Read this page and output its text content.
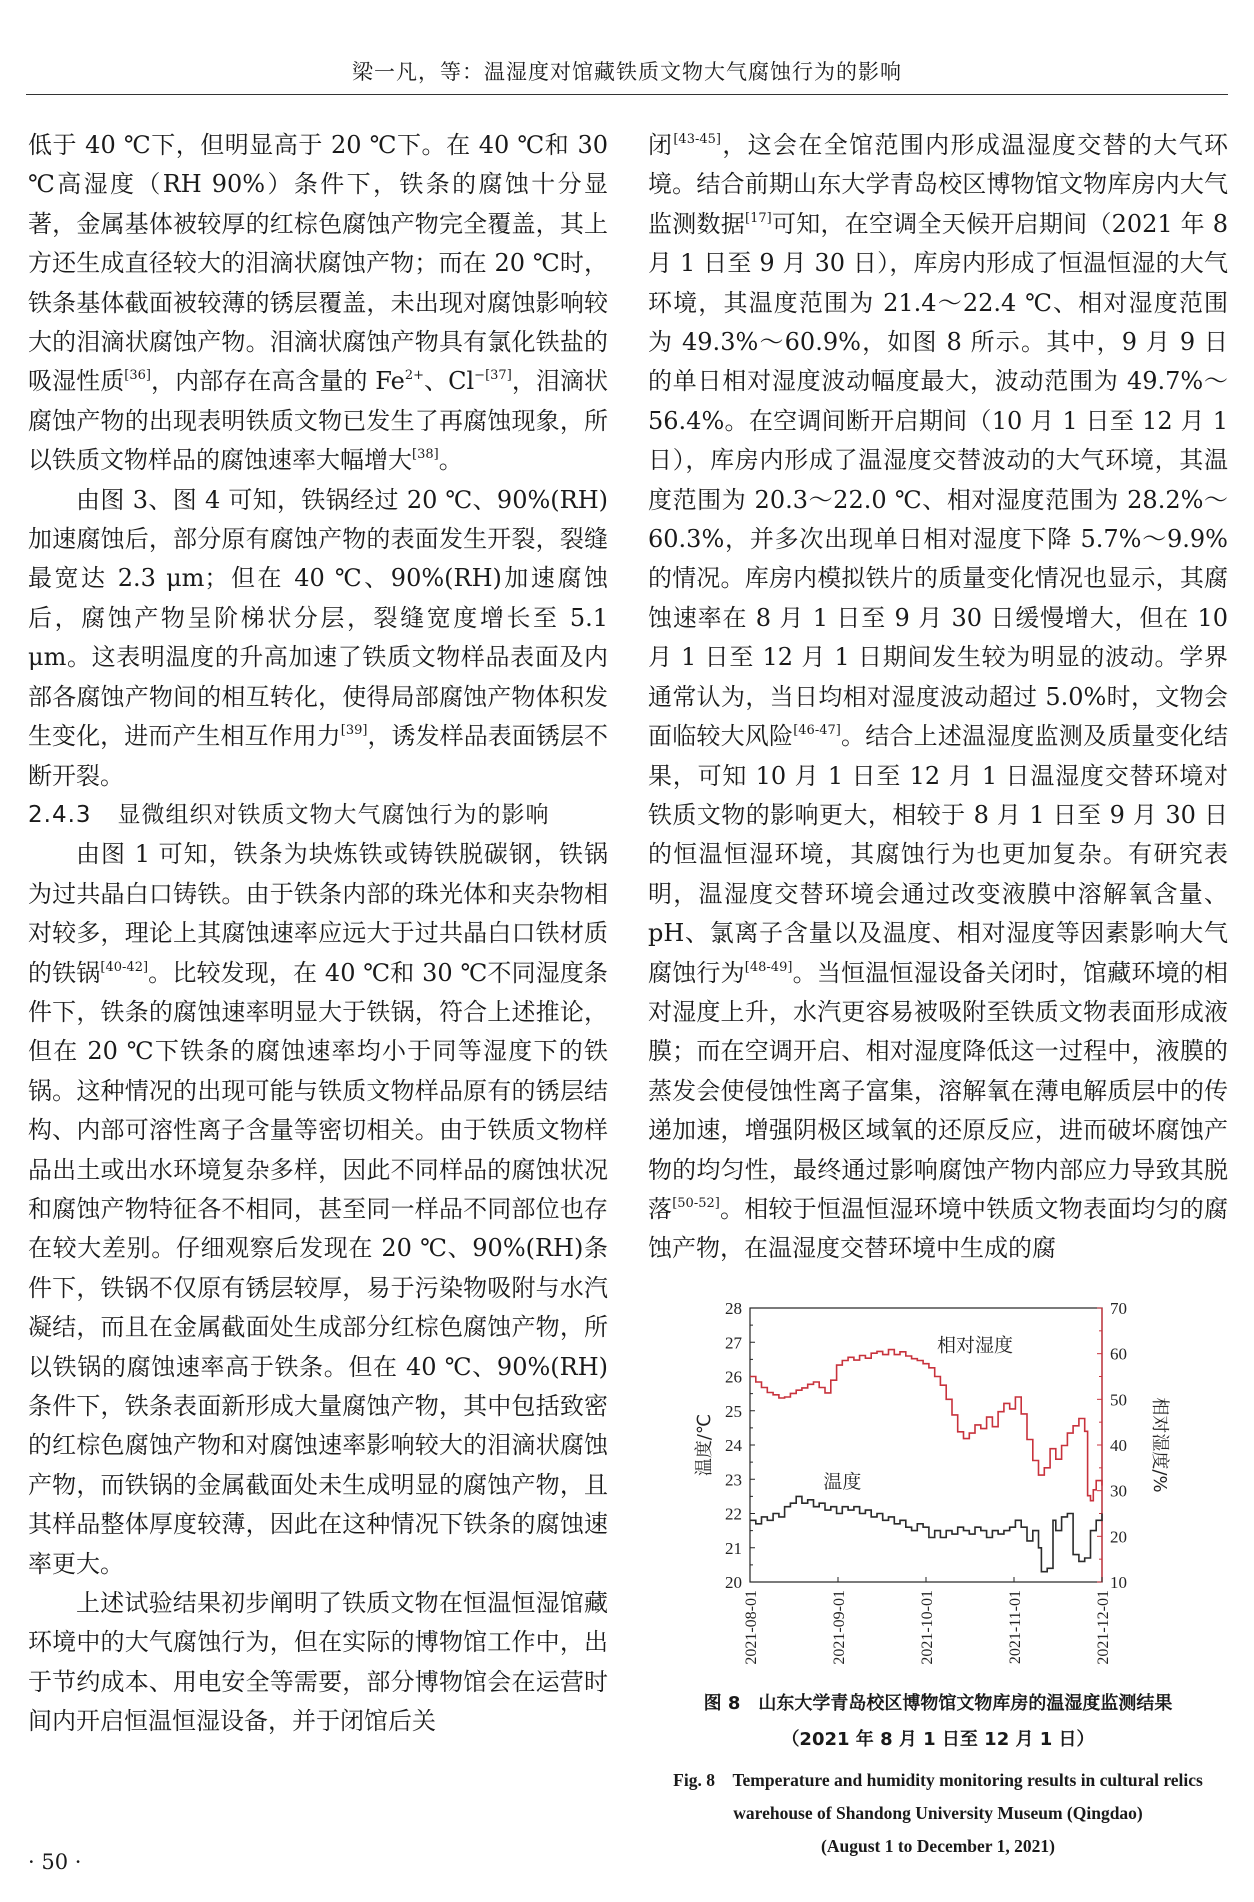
梁一凡，等：温湿度对馆藏铁质文物大气腐蚀行为的影响

低于 40 ℃下，但明显高于 20 ℃下。在 40 ℃和 30 ℃高湿度（RH 90%）条件下，铁条的腐蚀十分显著，金属基体被较厚的红棕色腐蚀产物完全覆盖，其上方还生成直径较大的泪滴状腐蚀产物；而在 20 ℃时，铁条基体截面被较薄的锈层覆盖，未出现对腐蚀影响较大的泪滴状腐蚀产物。泪滴状腐蚀产物具有氯化铁盐的吸湿性质[36]，内部存在高含量的 $Fe^{2+}$、$Cl^{-[37]}$，泪滴状腐蚀产物的出现表明铁质文物已发生了再腐蚀现象，所以铁质文物样品的腐蚀速率大幅增大[38]。

由图 3、图 4 可知，铁锅经过 20 ℃、90%(RH)加速腐蚀后，部分原有腐蚀产物的表面发生开裂，裂缝最宽达 2.3 μm；但在 40 ℃、90%(RH)加速腐蚀后，腐蚀产物呈阶梯状分层，裂缝宽度增长至 5.1 μm。这表明温度的升高加速了铁质文物样品表面及内部各腐蚀产物间的相互转化，使得局部腐蚀产物体积发生变化，进而产生相互作用力[39]，诱发样品表面锈层不断开裂。

2.4.3 显微组织对铁质文物大气腐蚀行为的影响

由图 1 可知，铁条为块炼铁或铸铁脱碳钢，铁锅为过共晶白口铸铁。由于铁条内部的珠光体和夹杂物相对较多，理论上其腐蚀速率应远大于过共晶白口铁材质的铁锅[40-42]。比较发现，在 40 ℃和 30 ℃不同湿度条件下，铁条的腐蚀速率明显大于铁锅，符合上述推论，但在 20 ℃下铁条的腐蚀速率均小于同等湿度下的铁锅。这种情况的出现可能与铁质文物样品原有的锈层结构、内部可溶性离子含量等密切相关。由于铁质文物样品出土或出水环境复杂多样，因此不同样品的腐蚀状况和腐蚀产物特征各不相同，甚至同一样品不同部位也存在较大差别。仔细观察后发现在 20 ℃、90%(RH)条件下，铁锅不仅原有锈层较厚，易于污染物吸附与水汽凝结，而且在金属截面处生成部分红棕色腐蚀产物，所以铁锅的腐蚀速率高于铁条。但在 40 ℃、90%(RH)条件下，铁条表面新形成大量腐蚀产物，其中包括致密的红棕色腐蚀产物和对腐蚀速率影响较大的泪滴状腐蚀产物，而铁锅的金属截面处未生成明显的腐蚀产物，且其样品整体厚度较薄，因此在这种情况下铁条的腐蚀速率更大。

上述试验结果初步阐明了铁质文物在恒温恒湿馆藏环境中的大气腐蚀行为，但在实际的博物馆工作中，出于节约成本、用电安全等需要，部分博物馆会在运营时间内开启恒温恒湿设备，并于闭馆后关

闭[43-45]，这会在全馆范围内形成温湿度交替的大气环境。结合前期山东大学青岛校区博物馆文物库房内大气监测数据[17]可知，在空调全天候开启期间（2021 年 8 月 1 日至 9 月 30 日），库房内形成了恒温恒湿的大气环境，其温度范围为 21.4～22.4 ℃、相对湿度范围为 49.3%～60.9%，如图 8 所示。其中，9 月 9 日的单日相对湿度波动幅度最大，波动范围为 49.7%～56.4%。在空调间断开启期间（10 月 1 日至 12 月 1 日），库房内形成了温湿度交替波动的大气环境，其温度范围为 20.3～22.0 ℃、相对湿度范围为 28.2%～60.3%，并多次出现单日相对湿度下降 5.7%～9.9%的情况。库房内模拟铁片的质量变化情况也显示，其腐蚀速率在 8 月 1 日至 9 月 30 日缓慢增大，但在 10 月 1 日至 12 月 1 日期间发生较为明显的波动。学界通常认为，当日均相对湿度波动超过 5.0%时，文物会面临较大风险[46-47]。结合上述温湿度监测及质量变化结果，可知 10 月 1 日至 12 月 1 日温湿度交替环境对铁质文物的影响更大，相较于 8 月 1 日至 9 月 30 日的恒温恒湿环境，其腐蚀行为也更加复杂。有研究表明，温湿度交替环境会通过改变液膜中溶解氧含量、pH、氯离子含量以及温度、相对湿度等因素影响大气腐蚀行为[48-49]。当恒温恒湿设备关闭时，馆藏环境的相对湿度上升，水汽更容易被吸附至铁质文物表面形成液膜；而在空调开启、相对湿度降低这一过程中，液膜的蒸发会使侵蚀性离子富集，溶解氧在薄电解质层中的传递加速，增强阴极区域氧的还原反应，进而破坏腐蚀产物的均匀性，最终通过影响腐蚀产物内部应力导致其脱落[50-52]。相较于恒温恒湿环境中铁质文物表面均匀的腐蚀产物，在温湿度交替环境中生成的腐

20
21
22
23
24
25
26
27
28
10
20
30
40
50
60
70
2021-08-01	2021-09-01	2021-10-01	2021-11-01	2021-12-01
温度/℃	相对湿度/%
相对湿度
温度
图 8　山东大学青岛校区博物馆文物库房的温湿度监测结果
（2021 年 8 月 1 日至 12 月 1 日）
Fig. 8　Temperature and humidity monitoring results in cultural relics
warehouse of Shandong University Museum (Qingdao)
(August 1 to December 1, 2021)
· 50 ·
